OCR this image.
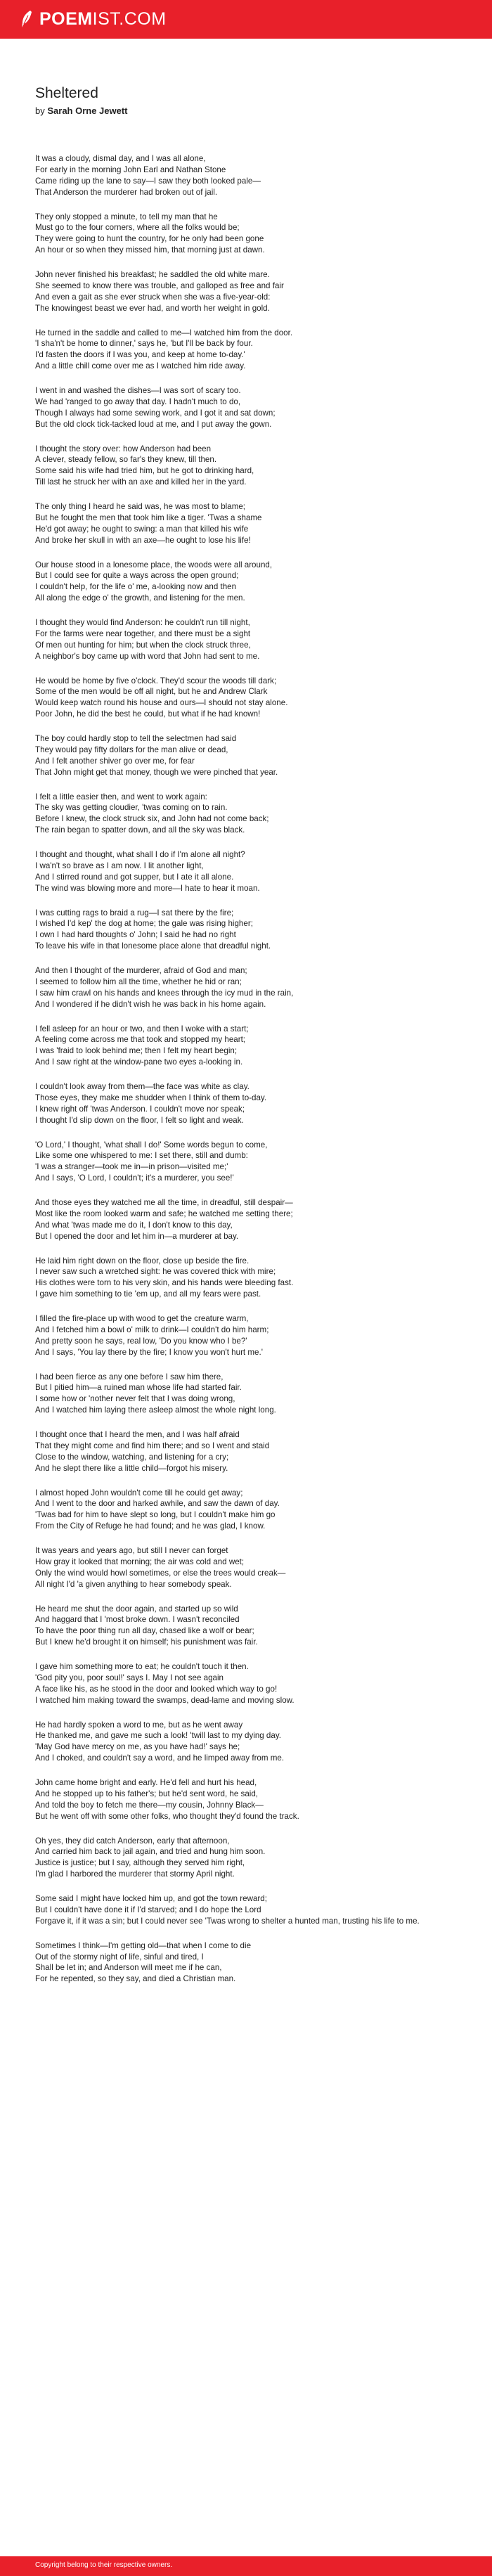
POEMIST.COM
Sheltered

by Sarah Orne Jewett

It was a cloudy, dismal day, and I was all alone,
For early in the morning John Earl and Nathan Stone
Came riding up the lane to say—I saw they both looked pale—
That Anderson the murderer had broken out of jail.
They only stopped a minute, to tell my man that he
Must go to the four corners, where all the folks would be;
They were going to hunt the country, for he only had been gone
An hour or so when they missed him, that morning just at dawn.
John never finished his breakfast; he saddled the old white mare.
She seemed to know there was trouble, and galloped as free and fair
And even a gait as she ever struck when she was a five-year-old:
The knowingest beast we ever had, and worth her weight in gold.
He turned in the saddle and called to me—I watched him from the door.
'I sha'n't be home to dinner,' says he, 'but I'll be back by four.
I'd fasten the doors if I was you, and keep at home to-day.'
And a little chill come over me as I watched him ride away.
I went in and washed the dishes—I was sort of scary too.
We had 'ranged to go away that day. I hadn't much to do,
Though I always had some sewing work, and I got it and sat down;
But the old clock tick-tacked loud at me, and I put away the gown.
I thought the story over: how Anderson had been
A clever, steady fellow, so far's they knew, till then.
Some said his wife had tried him, but he got to drinking hard,
Till last he struck her with an axe and killed her in the yard.
The only thing I heard he said was, he was most to blame;
But he fought the men that took him like a tiger. 'Twas a shame
He'd got away; he ought to swing: a man that killed his wife
And broke her skull in with an axe—he ought to lose his life!
Our house stood in a lonesome place, the woods were all around,
But I could see for quite a ways across the open ground;
I couldn't help, for the life o' me, a-looking now and then
All along the edge o' the growth, and listening for the men.
I thought they would find Anderson: he couldn't run till night,
For the farms were near together, and there must be a sight
Of men out hunting for him; but when the clock struck three,
A neighbor's boy came up with word that John had sent to me.
He would be home by five o'clock. They'd scour the woods till dark;
Some of the men would be off all night, but he and Andrew Clark
Would keep watch round his house and ours—I should not stay alone.
Poor John, he did the best he could, but what if he had known!
The boy could hardly stop to tell the selectmen had said
They would pay fifty dollars for the man alive or dead,
And I felt another shiver go over me, for fear
That John might get that money, though we were pinched that year.
I felt a little easier then, and went to work again:
The sky was getting cloudier, 'twas coming on to rain.
Before I knew, the clock struck six, and John had not come back;
The rain began to spatter down, and all the sky was black.
I thought and thought, what shall I do if I'm alone all night?
I wa'n't so brave as I am now. I lit another light,
And I stirred round and got supper, but I ate it all alone.
The wind was blowing more and more—I hate to hear it moan.
I was cutting rags to braid a rug—I sat there by the fire;
I wished I'd kep' the dog at home; the gale was rising higher;
I own I had hard thoughts o' John; I said he had no right
To leave his wife in that lonesome place alone that dreadful night.
And then I thought of the murderer, afraid of God and man;
I seemed to follow him all the time, whether he hid or ran;
I saw him crawl on his hands and knees through the icy mud in the rain,
And I wondered if he didn't wish he was back in his home again.
I fell asleep for an hour or two, and then I woke with a start;
A feeling come across me that took and stopped my heart;
I was 'fraid to look behind me; then I felt my heart begin;
And I saw right at the window-pane two eyes a-looking in.
I couldn't look away from them—the face was white as clay.
Those eyes, they make me shudder when I think of them to-day.
I knew right off 'twas Anderson. I couldn't move nor speak;
I thought I'd slip down on the floor, I felt so light and weak.
'O Lord,' I thought, 'what shall I do!' Some words begun to come,
Like some one whispered to me: I set there, still and dumb:
'I was a stranger—took me in—in prison—visited me;'
And I says, 'O Lord, I couldn't; it's a murderer, you see!'
And those eyes they watched me all the time, in dreadful, still despair—
Most like the room looked warm and safe; he watched me setting there;
And what 'twas made me do it, I don't know to this day,
But I opened the door and let him in—a murderer at bay.
He laid him right down on the floor, close up beside the fire.
I never saw such a wretched sight: he was covered thick with mire;
His clothes were torn to his very skin, and his hands were bleeding fast.
I gave him something to tie 'em up, and all my fears were past.
I filled the fire-place up with wood to get the creature warm,
And I fetched him a bowl o' milk to drink—I couldn't do him harm;
And pretty soon he says, real low, 'Do you know who I be?'
And I says, 'You lay there by the fire; I know you won't hurt me.'
I had been fierce as any one before I saw him there,
But I pitied him—a ruined man whose life had started fair.
I some how or 'nother never felt that I was doing wrong,
And I watched him laying there asleep almost the whole night long.
I thought once that I heard the men, and I was half afraid
That they might come and find him there; and so I went and staid
Close to the window, watching, and listening for a cry;
And he slept there like a little child—forgot his misery.
I almost hoped John wouldn't come till he could get away;
And I went to the door and harked awhile, and saw the dawn of day.
'Twas bad for him to have slept so long, but I couldn't make him go
From the City of Refuge he had found; and he was glad, I know.
It was years and years ago, but still I never can forget
How gray it looked that morning; the air was cold and wet;
Only the wind would howl sometimes, or else the trees would creak—
All night I'd 'a given anything to hear somebody speak.
He heard me shut the door again, and started up so wild
And haggard that I 'most broke down. I wasn't reconciled
To have the poor thing run all day, chased like a wolf or bear;
But I knew he'd brought it on himself; his punishment was fair.
I gave him something more to eat; he couldn't touch it then.
'God pity you, poor soul!' says I. May I not see again
A face like his, as he stood in the door and looked which way to go!
I watched him making toward the swamps, dead-lame and moving slow.
He had hardly spoken a word to me, but as he went away
He thanked me, and gave me such a look! 'twill last to my dying day.
'May God have mercy on me, as you have had!' says he;
And I choked, and couldn't say a word, and he limped away from me.
John came home bright and early. He'd fell and hurt his head,
And he stopped up to his father's; but he'd sent word, he said,
And told the boy to fetch me there—my cousin, Johnny Black—
But he went off with some other folks, who thought they'd found the track.
Oh yes, they did catch Anderson, early that afternoon,
And carried him back to jail again, and tried and hung him soon.
Justice is justice; but I say, although they served him right,
I'm glad I harbored the murderer that stormy April night.
Some said I might have locked him up, and got the town reward;
But I couldn't have done it if I'd starved; and I do hope the Lord
Forgave it, if it was a sin; but I could never see 'Twas wrong to shelter a hunted man, trusting his life to me.
Sometimes I think—I'm getting old—that when I come to die
Out of the stormy night of life, sinful and tired, I
Shall be let in; and Anderson will meet me if he can,
For he repented, so they say, and died a Christian man.
Copyright belong to their respective owners.
